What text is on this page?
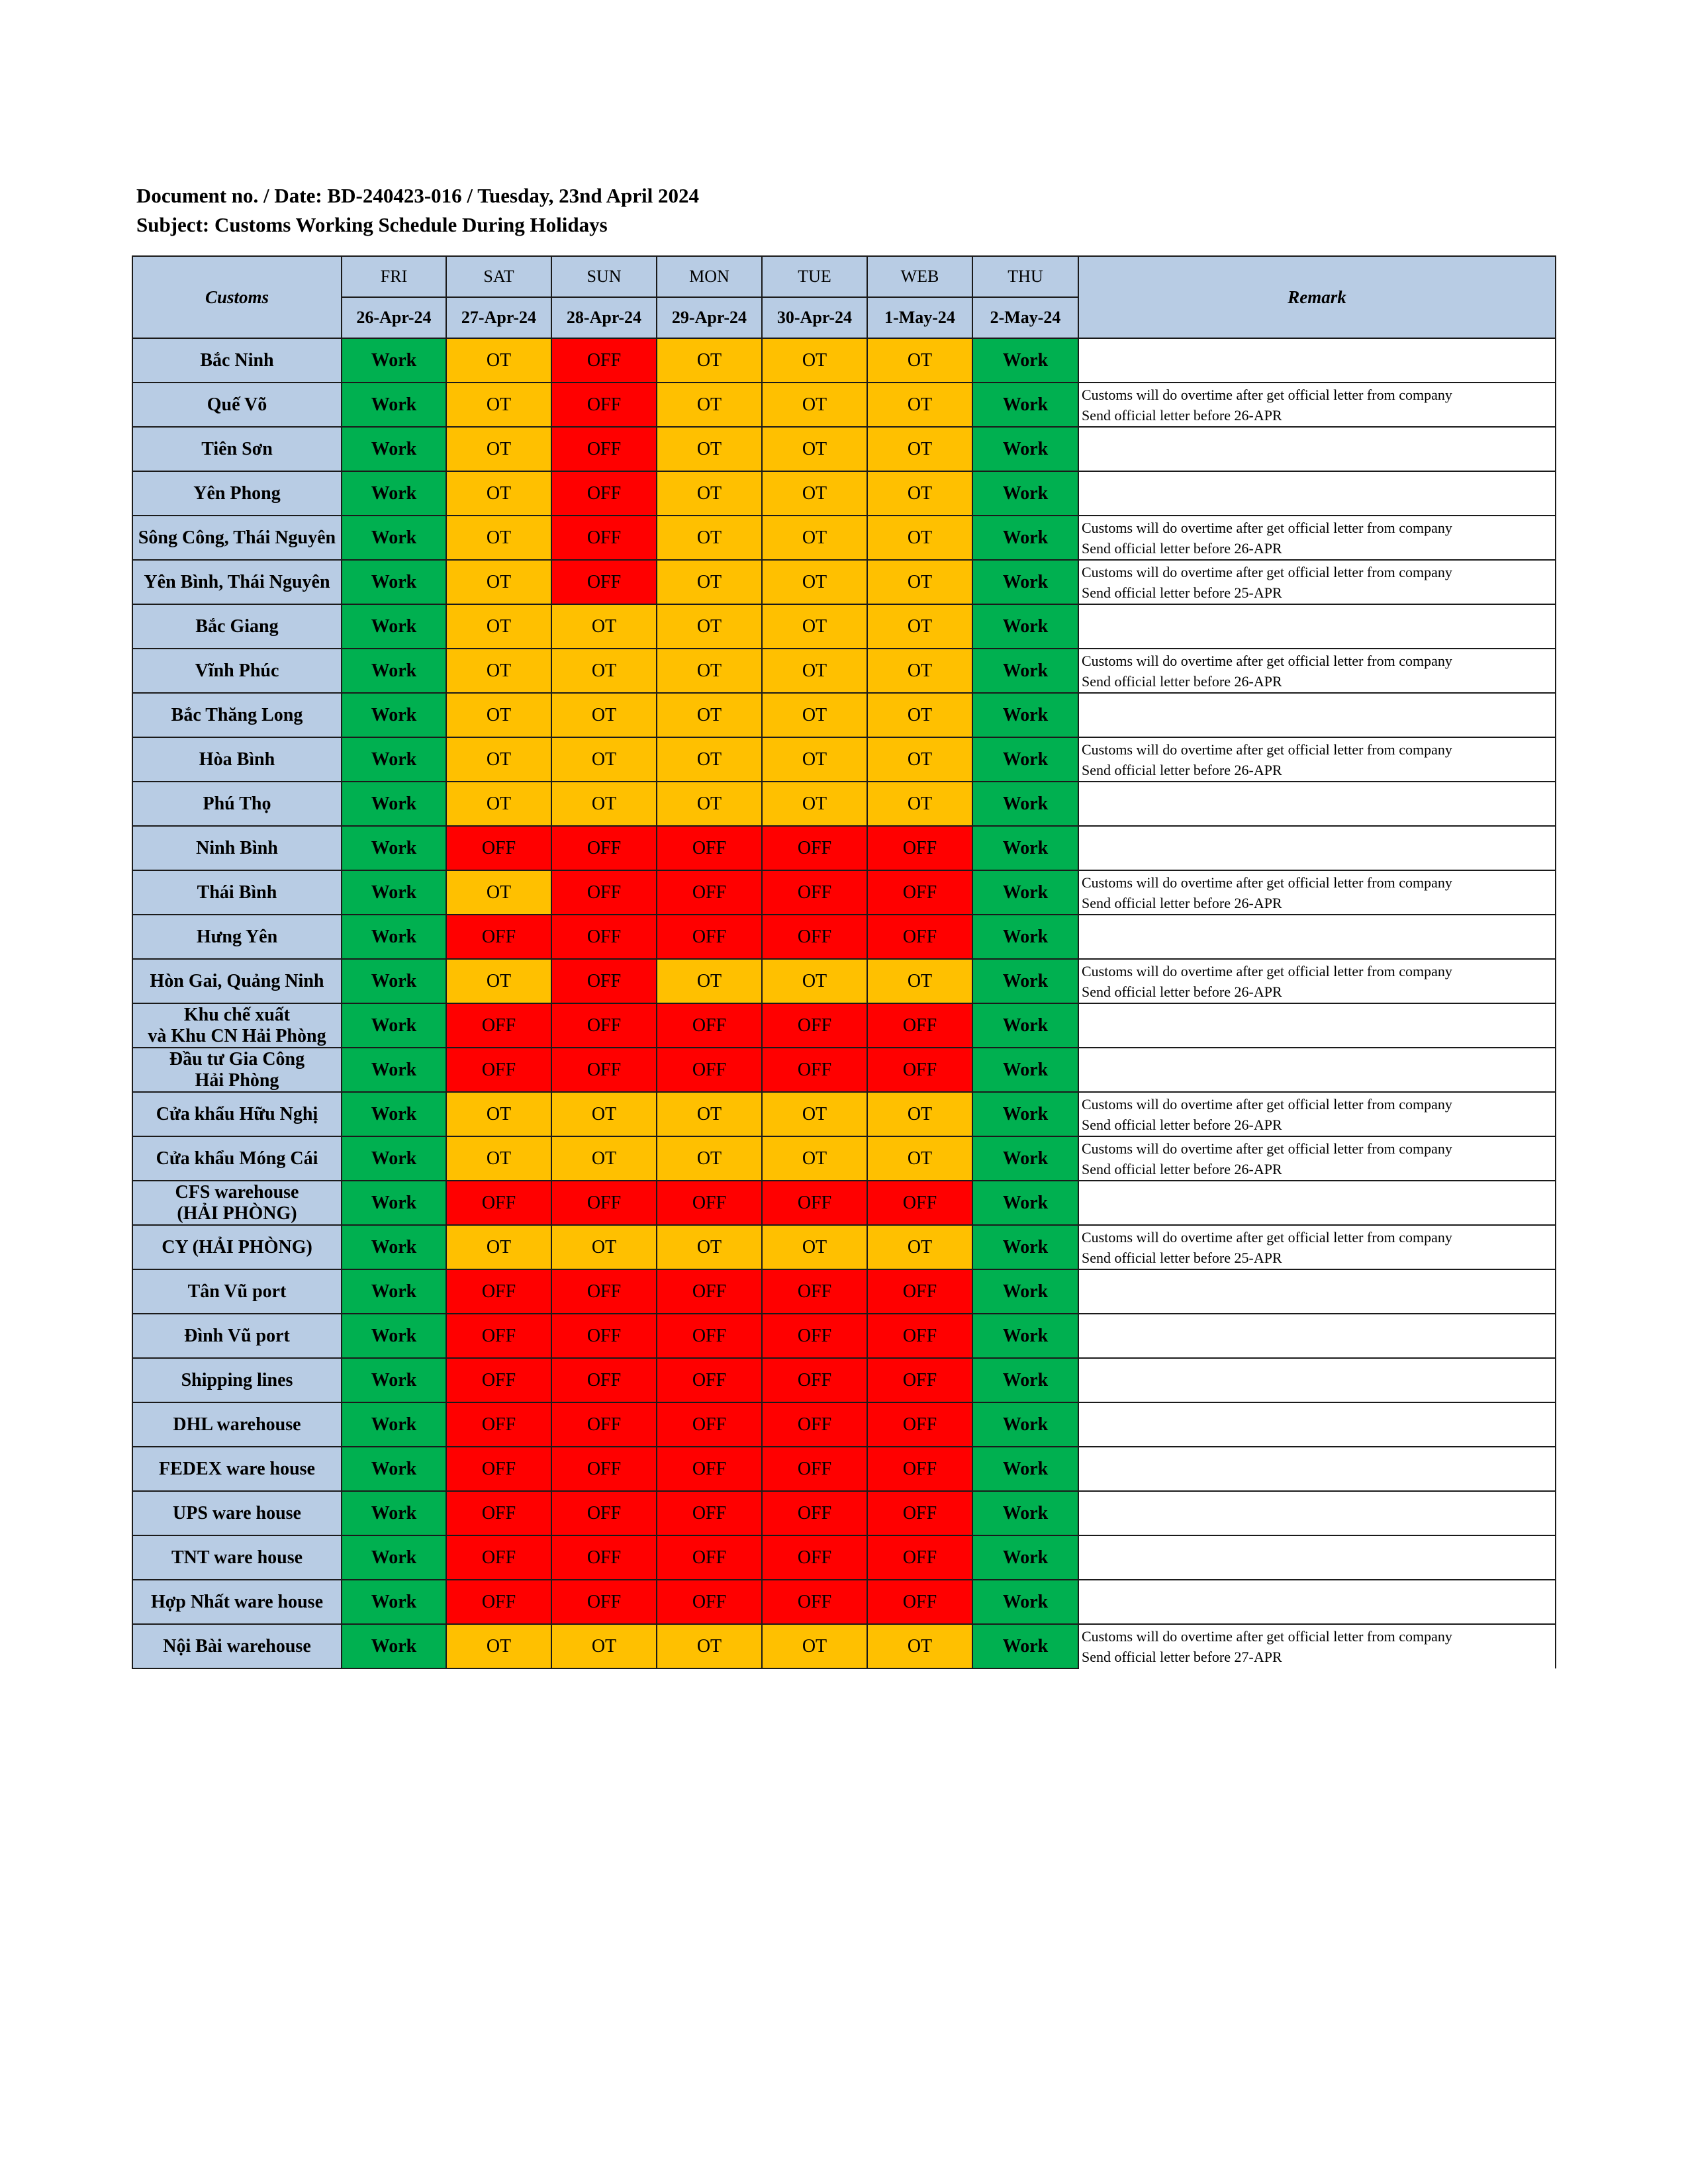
Document no. / Date: BD-240423-016 / Tuesday, 23nd April 2024
Subject: Customs Working Schedule During Holidays
Customs	FRI	SAT	SUN	MON	TUE	WEB	THU	Remark
	26-Apr-24	27-Apr-24	28-Apr-24	29-Apr-24	30-Apr-24	1-May-24	2-May-24	
Bắc Ninh	Work	OT	OFF	OT	OT	OT	Work	
Quế Võ	Work	OT	OFF	OT	OT	OT	Work	Customs will do overtime after get official letter from company
Send official letter before 26-APR

Tiên Sơn	Work	OT	OFF	OT	OT	OT	Work	
Yên Phong	Work	OT	OFF	OT	OT	OT	Work	
Sông Công, Thái Nguyên	Work	OT	OFF	OT	OT	OT	Work	Customs will do overtime after get official letter from company
Send official letter before 26-APR

Yên Bình, Thái Nguyên	Work	OT	OFF	OT	OT	OT	Work	Customs will do overtime after get official letter from company
Send official letter before 25-APR

Bắc Giang	Work	OT	OT	OT	OT	OT	Work	
Vĩnh Phúc	Work	OT	OT	OT	OT	OT	Work	Customs will do overtime after get official letter from company
Send official letter before 26-APR

Bắc Thăng Long	Work	OT	OT	OT	OT	OT	Work	
Hòa Bình	Work	OT	OT	OT	OT	OT	Work	Customs will do overtime after get official letter from company
Send official letter before 26-APR

Phú Thọ	Work	OT	OT	OT	OT	OT	Work	
Ninh Bình	Work	OFF	OFF	OFF	OFF	OFF	Work	
Thái Bình	Work	OT	OFF	OFF	OFF	OFF	Work	Customs will do overtime after get official letter from company
Send official letter before 26-APR

Hưng Yên	Work	OFF	OFF	OFF	OFF	OFF	Work	
Hòn Gai, Quảng Ninh	Work	OT	OFF	OT	OT	OT	Work	Customs will do overtime after get official letter from company
Send official letter before 26-APR

Khu chế xuất
và Khu CN Hải Phòng	Work	OFF	OFF	OFF	OFF	OFF	Work	

Đầu tư Gia Công
Hải Phòng	Work	OFF	OFF	OFF	OFF	OFF	Work	
Cửa khẩu Hữu Nghị	Work	OT	OT	OT	OT	OT	Work	Customs will do overtime after get official letter from company
Send official letter before 26-APR

Cửa khẩu Móng Cái	Work	OT	OT	OT	OT	OT	Work	Customs will do overtime after get official letter from company
Send official letter before 26-APR

CFS warehouse
(HẢI PHÒNG)	Work	OFF	OFF	OFF	OFF	OFF	Work	
CY (HẢI PHÒNG)	Work	OT	OT	OT	OT	OT	Work	Customs will do overtime after get official letter from company
Send official letter before 25-APR

Tân Vũ port	Work	OFF	OFF	OFF	OFF	OFF	Work	
Đình Vũ port	Work	OFF	OFF	OFF	OFF	OFF	Work	
Shipping lines	Work	OFF	OFF	OFF	OFF	OFF	Work	
DHL warehouse	Work	OFF	OFF	OFF	OFF	OFF	Work	
FEDEX ware house	Work	OFF	OFF	OFF	OFF	OFF	Work	
UPS ware house	Work	OFF	OFF	OFF	OFF	OFF	Work	
TNT ware house	Work	OFF	OFF	OFF	OFF	OFF	Work	
Hợp Nhất ware house	Work	OFF	OFF	OFF	OFF	OFF	Work	
Nội Bài warehouse	Work	OT	OT	OT	OT	OT	Work	Customs will do overtime after get official letter from company
Send official letter before 27-APR
